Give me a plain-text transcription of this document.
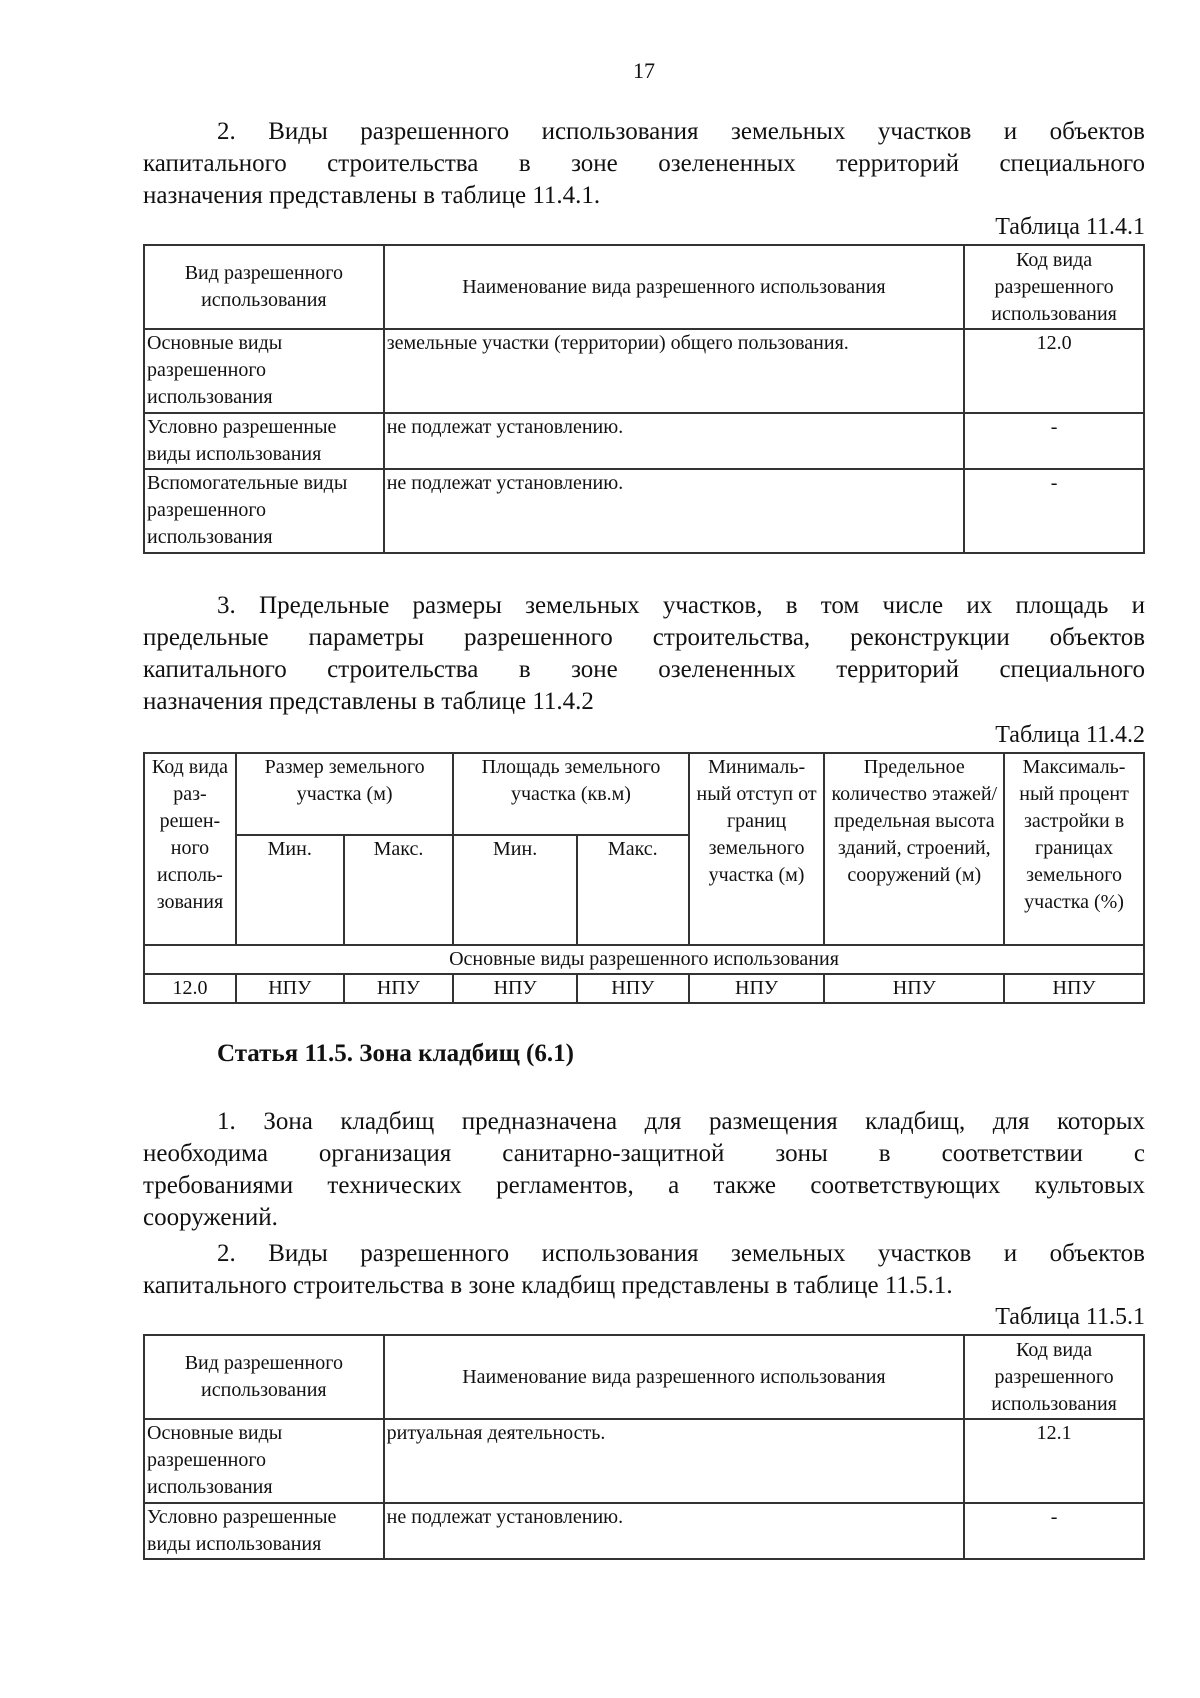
17
2. Виды разрешенного использования земельных участков и объектов
капитального строительства в зоне озелененных территорий специального
назначения представлены в таблице 11.4.1.
Таблица 11.4.1
Вид разрешенного использования	Наименование вида разрешенного использования	Код вида разрешенного использования
Основные виды разрешенного использования	земельные участки (территории) общего пользования.	12.0
Условно разрешенные виды использования	не подлежат установлению.	-
Вспомогательные виды разрешенного использования	не подлежат установлению.	-
3. Предельные размеры земельных участков, в том числе их площадь и
предельные параметры разрешенного строительства, реконструкции объектов
капитального строительства в зоне озелененных территорий специального
назначения представлены в таблице 11.4.2
Таблица 11.4.2
Код вида раз-решен-ного исполь-зования	Размер земельного участка (м)		Площадь земельного участка (кв.м)		Минималь-ный отступ от границ земельного участка (м)	Предельное количество этажей/ предельная высота зданий, строений, сооружений (м)	Максималь-ный процент застройки в границах земельного участка (%)
	Мин.	Макс.	Мин.	Макс.			
Основные виды разрешенного использования							
12.0	НПУ	НПУ	НПУ	НПУ	НПУ	НПУ	НПУ
Статья 11.5. Зона кладбищ (6.1)
1. Зона кладбищ предназначена для размещения кладбищ, для которых
необходима организация санитарно-защитной зоны в соответствии с
требованиями технических регламентов, а также соответствующих культовых
сооружений.
2. Виды разрешенного использования земельных участков и объектов
капитального строительства в зоне кладбищ представлены в таблице 11.5.1.
Таблица 11.5.1
Вид разрешенного использования	Наименование вида разрешенного использования	Код вида разрешенного использования
Основные виды разрешенного использования	ритуальная деятельность.	12.1
Условно разрешенные виды использования	не подлежат установлению.	-
